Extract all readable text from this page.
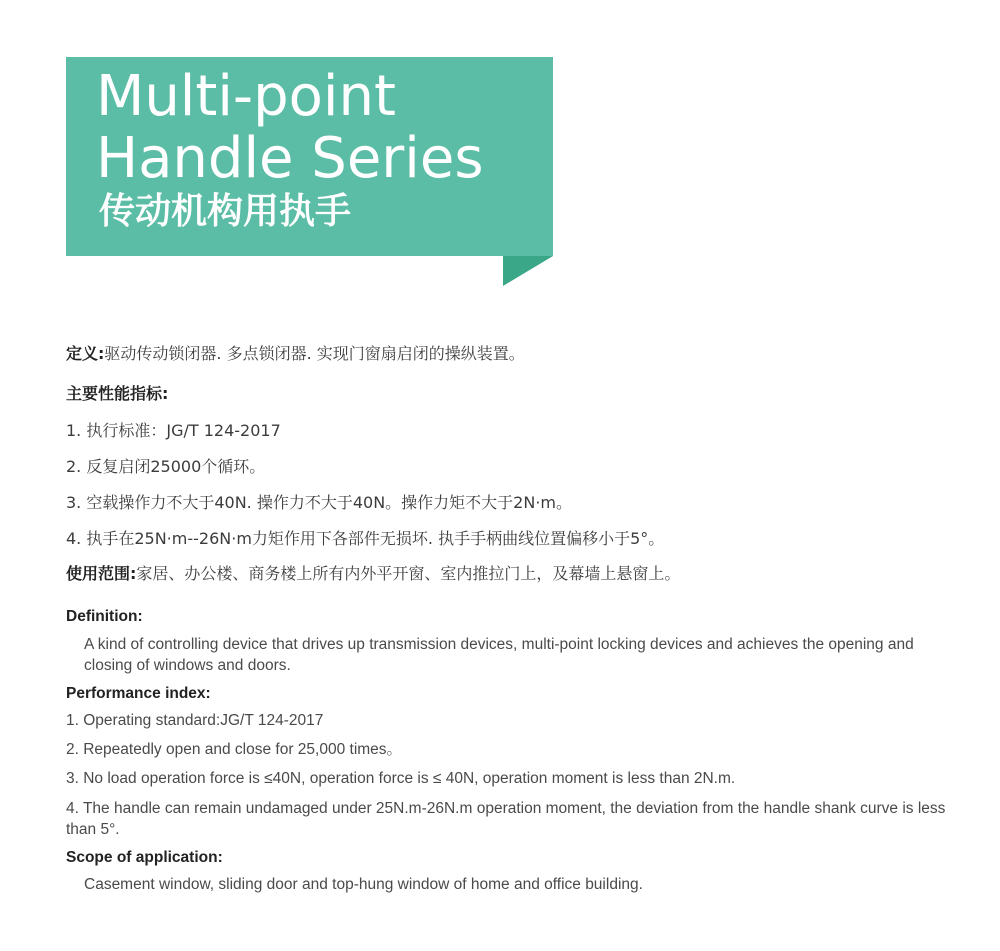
Multi-point
Handle Series
传动机构用执手
定义:驱动传动锁闭器. 多点锁闭器. 实现门窗扇启闭的操纵装置。
主要性能指标:
1. 执行标准：JG/T 124-2017
2. 反复启闭25000个循环。
3. 空载操作力不大于40N. 操作力不大于40N。操作力矩不大于2N·m。
4. 执手在25N·m--26N·m力矩作用下各部件无损坏. 执手手柄曲线位置偏移小于5°。
使用范围:家居、办公楼、商务楼上所有内外平开窗、室内推拉门上，及幕墙上悬窗上。
Definition:
A kind of controlling device that drives up transmission devices, multi-point locking devices and achieves the opening and closing of windows and doors.
Performance index:
1. Operating standard:JG/T 124-2017
2. Repeatedly open and close for 25,000 times。
3. No load operation force is ≤40N, operation force is ≤ 40N, operation moment is less than 2N.m.
4. The handle can remain undamaged under 25N.m-26N.m operation moment, the deviation from the handle shank curve is less than 5°.
Scope of application:
Casement window, sliding door and top-hung window of home and office building.
